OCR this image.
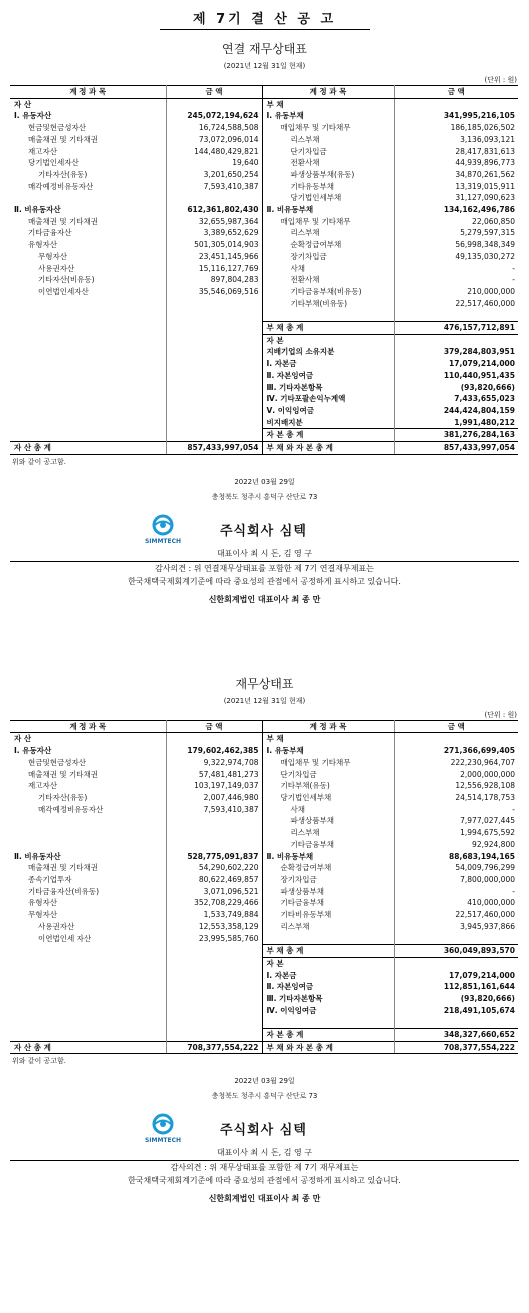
제 7기 결 산 공 고
연결 재무상태표
(2021년 12월 31일 현재)
(단위 : 원)
계 정 과 목	금 액	계 정 과 목	금 액
자 산		부 채	
Ⅰ. 유동자산	245,072,194,624	Ⅰ. 유동부채	341,995,216,105
현금및현금성자산	16,724,588,508	매입채무 및 기타채무	186,185,026,502
매출채권 및 기타채권	73,072,096,014	리스부채	3,136,093,121
재고자산	144,480,429,821	단기차입금	28,417,831,613
당기법인세자산	19,640	전환사채	44,939,896,773
기타자산(유동)	3,201,650,254	파생상품부채(유동)	34,870,261,562
매각예정비유동자산	7,593,410,387	기타유동부채	13,319,015,911
		당기법인세부채	31,127,090,623
Ⅱ. 비유동자산	612,361,802,430	Ⅱ. 비유동부채	134,162,496,786
매출채권 및 기타채권	32,655,987,364	매입채무 및 기타채무	22,060,850
기타금융자산	3,389,652,629	리스부채	5,279,597,315
유형자산	501,305,014,903	순확정급여부채	56,998,348,349
무형자산	23,451,145,966	장기차입금	49,135,030,272
사용권자산	15,116,127,769	사채	-
기타자산(비유동)	897,804,283	전환사채	-
이연법인세자산	35,546,069,516	기타금융부채(비유동)	210,000,000
		기타부채(비유동)	22,517,460,000

		부 채 총 계	476,157,712,891
		자 본	
		지배기업의 소유지분	379,284,803,951
		Ⅰ. 자본금	17,079,214,000
		Ⅱ. 자본잉여금	110,440,951,435
		Ⅲ. 기타자본항목	(93,820,666)
		Ⅳ. 기타포괄손익누계액	7,433,655,023
		Ⅴ. 이익잉여금	244,424,804,159
		비지배지분	1,991,480,212
		자 본 총 계	381,276,284,163
자 산 총 계	857,433,997,054	부 채 와 자 본 총 계	857,433,997,054
위와 같이 공고함.
2022년 03월 29일
충청북도 청주시 흥덕구 산단로 73
SIMMTECH
주식회사 심텍
대표이사 최 시 돈, 김 영 구
감사의견 : 위 연결재무상태표를 포함한 제 7기 연결재무제표는
한국채택국제회계기준에 따라 중요성의 관점에서 공정하게 표시하고 있습니다.
신한회계법인 대표이사 최 종 만
재무상태표
(2021년 12월 31일 현재)
(단위 : 원)
계 정 과 목	금 액	계 정 과 목	금 액
자 산		부 채	
Ⅰ. 유동자산	179,602,462,385	Ⅰ. 유동부채	271,366,699,405
현금및현금성자산	9,322,974,708	매입채무 및 기타채무	222,230,964,707
매출채권 및 기타채권	57,481,481,273	단기차입금	2,000,000,000
재고자산	103,197,149,037	기타부채(유동)	12,556,928,108
기타자산(유동)	2,007,446,980	당기법인세부채	24,514,178,753
매각예정비유동자산	7,593,410,387	사채	-
		파생상품부채	7,977,027,445
		리스부채	1,994,675,592
		기타금융부채	92,924,800
Ⅱ. 비유동자산	528,775,091,837	Ⅱ. 비유동부채	88,683,194,165
매출채권 및 기타채권	54,290,602,220	순확정급여부채	54,009,796,299
종속기업투자	80,622,469,857	장기차입금	7,800,000,000
기타금융자산(비유동)	3,071,096,521	파생상품부채	-
유형자산	352,708,229,466	기타금융부채	410,000,000
무형자산	1,533,749,884	기타비유동부채	22,517,460,000
사용권자산	12,553,358,129	리스부채	3,945,937,866
이연법인세 자산	23,995,585,760		
		부 채 총 계	360,049,893,570
		자 본	
		Ⅰ. 자본금	17,079,214,000
		Ⅱ. 자본잉여금	112,851,161,644
		Ⅲ. 기타자본항목	(93,820,666)
		Ⅳ. 이익잉여금	218,491,105,674

		자 본 총 계	348,327,660,652
자 산 총 계	708,377,554,222	부 채 와 자 본 총 계	708,377,554,222
위와 같이 공고함.
2022년 03월 29일
충청북도 청주시 흥덕구 산단로 73
SIMMTECH
주식회사 심텍
대표이사 최 시 돈, 김 영 구
감사의견 : 위 재무상태표를 포함한 제 7기 재무제표는
한국채택국제회계기준에 따라 중요성의 관점에서 공정하게 표시하고 있습니다.
신한회계법인 대표이사 최 종 만
